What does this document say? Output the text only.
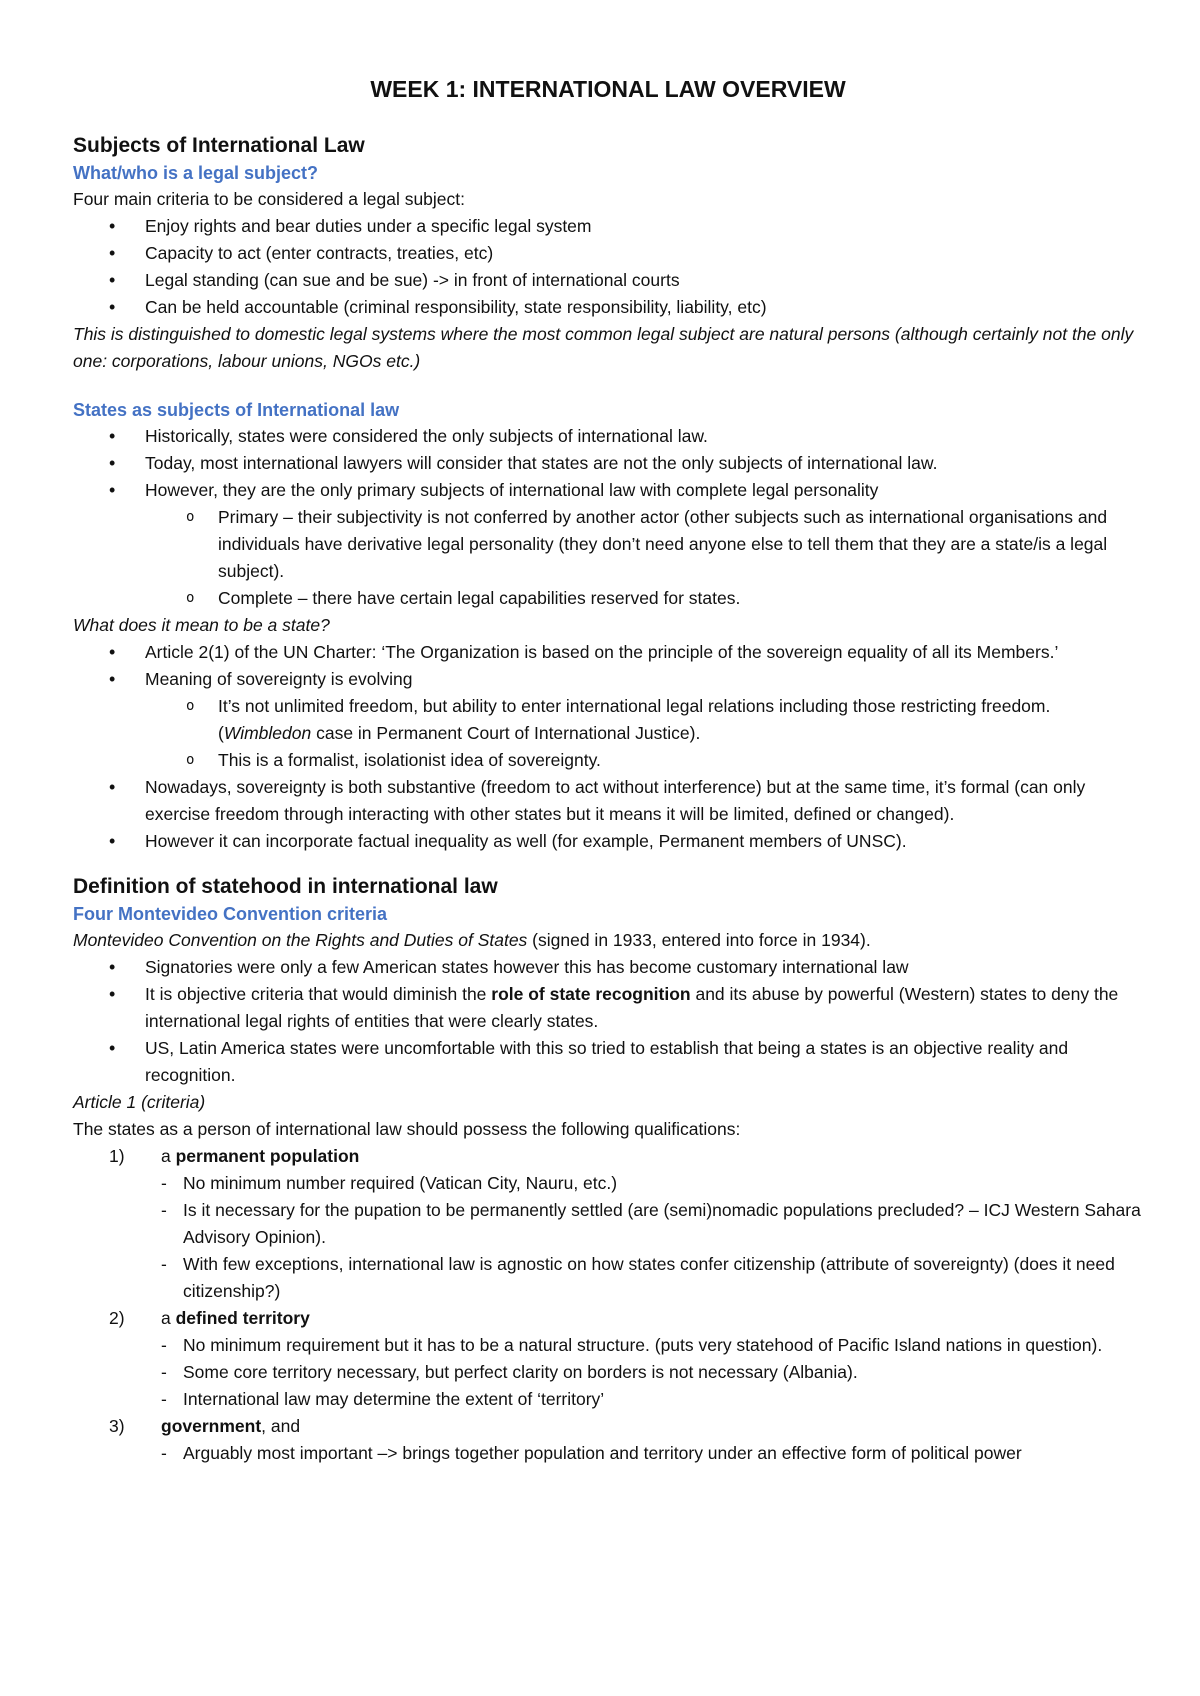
WEEK 1: INTERNATIONAL LAW OVERVIEW
Subjects of International Law
What/who is a legal subject?
Four main criteria to be considered a legal subject:
• Enjoy rights and bear duties under a specific legal system
• Capacity to act (enter contracts, treaties, etc)
• Legal standing (can sue and be sue) -> in front of international courts
• Can be held accountable (criminal responsibility, state responsibility, liability, etc)
This is distinguished to domestic legal systems where the most common legal subject are natural persons (although certainly not the only one: corporations, labour unions, NGOs etc.)
States as subjects of International law
• Historically, states were considered the only subjects of international law.
• Today, most international lawyers will consider that states are not the only subjects of international law.
• However, they are the only primary subjects of international law with complete legal personality
o Primary – their subjectivity is not conferred by another actor (other subjects such as international organisations and individuals have derivative legal personality (they don’t need anyone else to tell them that they are a state/is a legal subject).
o Complete – there have certain legal capabilities reserved for states.
What does it mean to be a state?
• Article 2(1) of the UN Charter: ‘The Organization is based on the principle of the sovereign equality of all its Members.’
• Meaning of sovereignty is evolving
o It’s not unlimited freedom, but ability to enter international legal relations including those restricting freedom. (Wimbledon case in Permanent Court of International Justice).
o This is a formalist, isolationist idea of sovereignty.
• Nowadays, sovereignty is both substantive (freedom to act without interference) but at the same time, it’s formal (can only exercise freedom through interacting with other states but it means it will be limited, defined or changed).
• However it can incorporate factual inequality as well (for example, Permanent members of UNSC).
Definition of statehood in international law
Four Montevideo Convention criteria
Montevideo Convention on the Rights and Duties of States (signed in 1933, entered into force in 1934).
• Signatories were only a few American states however this has become customary international law
• It is objective criteria that would diminish the role of state recognition and its abuse by powerful (Western) states to deny the international legal rights of entities that were clearly states.
• US, Latin America states were uncomfortable with this so tried to establish that being a states is an objective reality and recognition.
Article 1 (criteria)
The states as a person of international law should possess the following qualifications:
1) a permanent population
- No minimum number required (Vatican City, Nauru, etc.)
- Is it necessary for the pupation to be permanently settled (are (semi)nomadic populations precluded? – ICJ Western Sahara Advisory Opinion).
- With few exceptions, international law is agnostic on how states confer citizenship (attribute of sovereignty) (does it need citizenship?)
2) a defined territory
- No minimum requirement but it has to be a natural structure. (puts very statehood of Pacific Island nations in question).
- Some core territory necessary, but perfect clarity on borders is not necessary (Albania).
- International law may determine the extent of ‘territory’
3) government, and
- Arguably most important –> brings together population and territory under an effective form of political power
